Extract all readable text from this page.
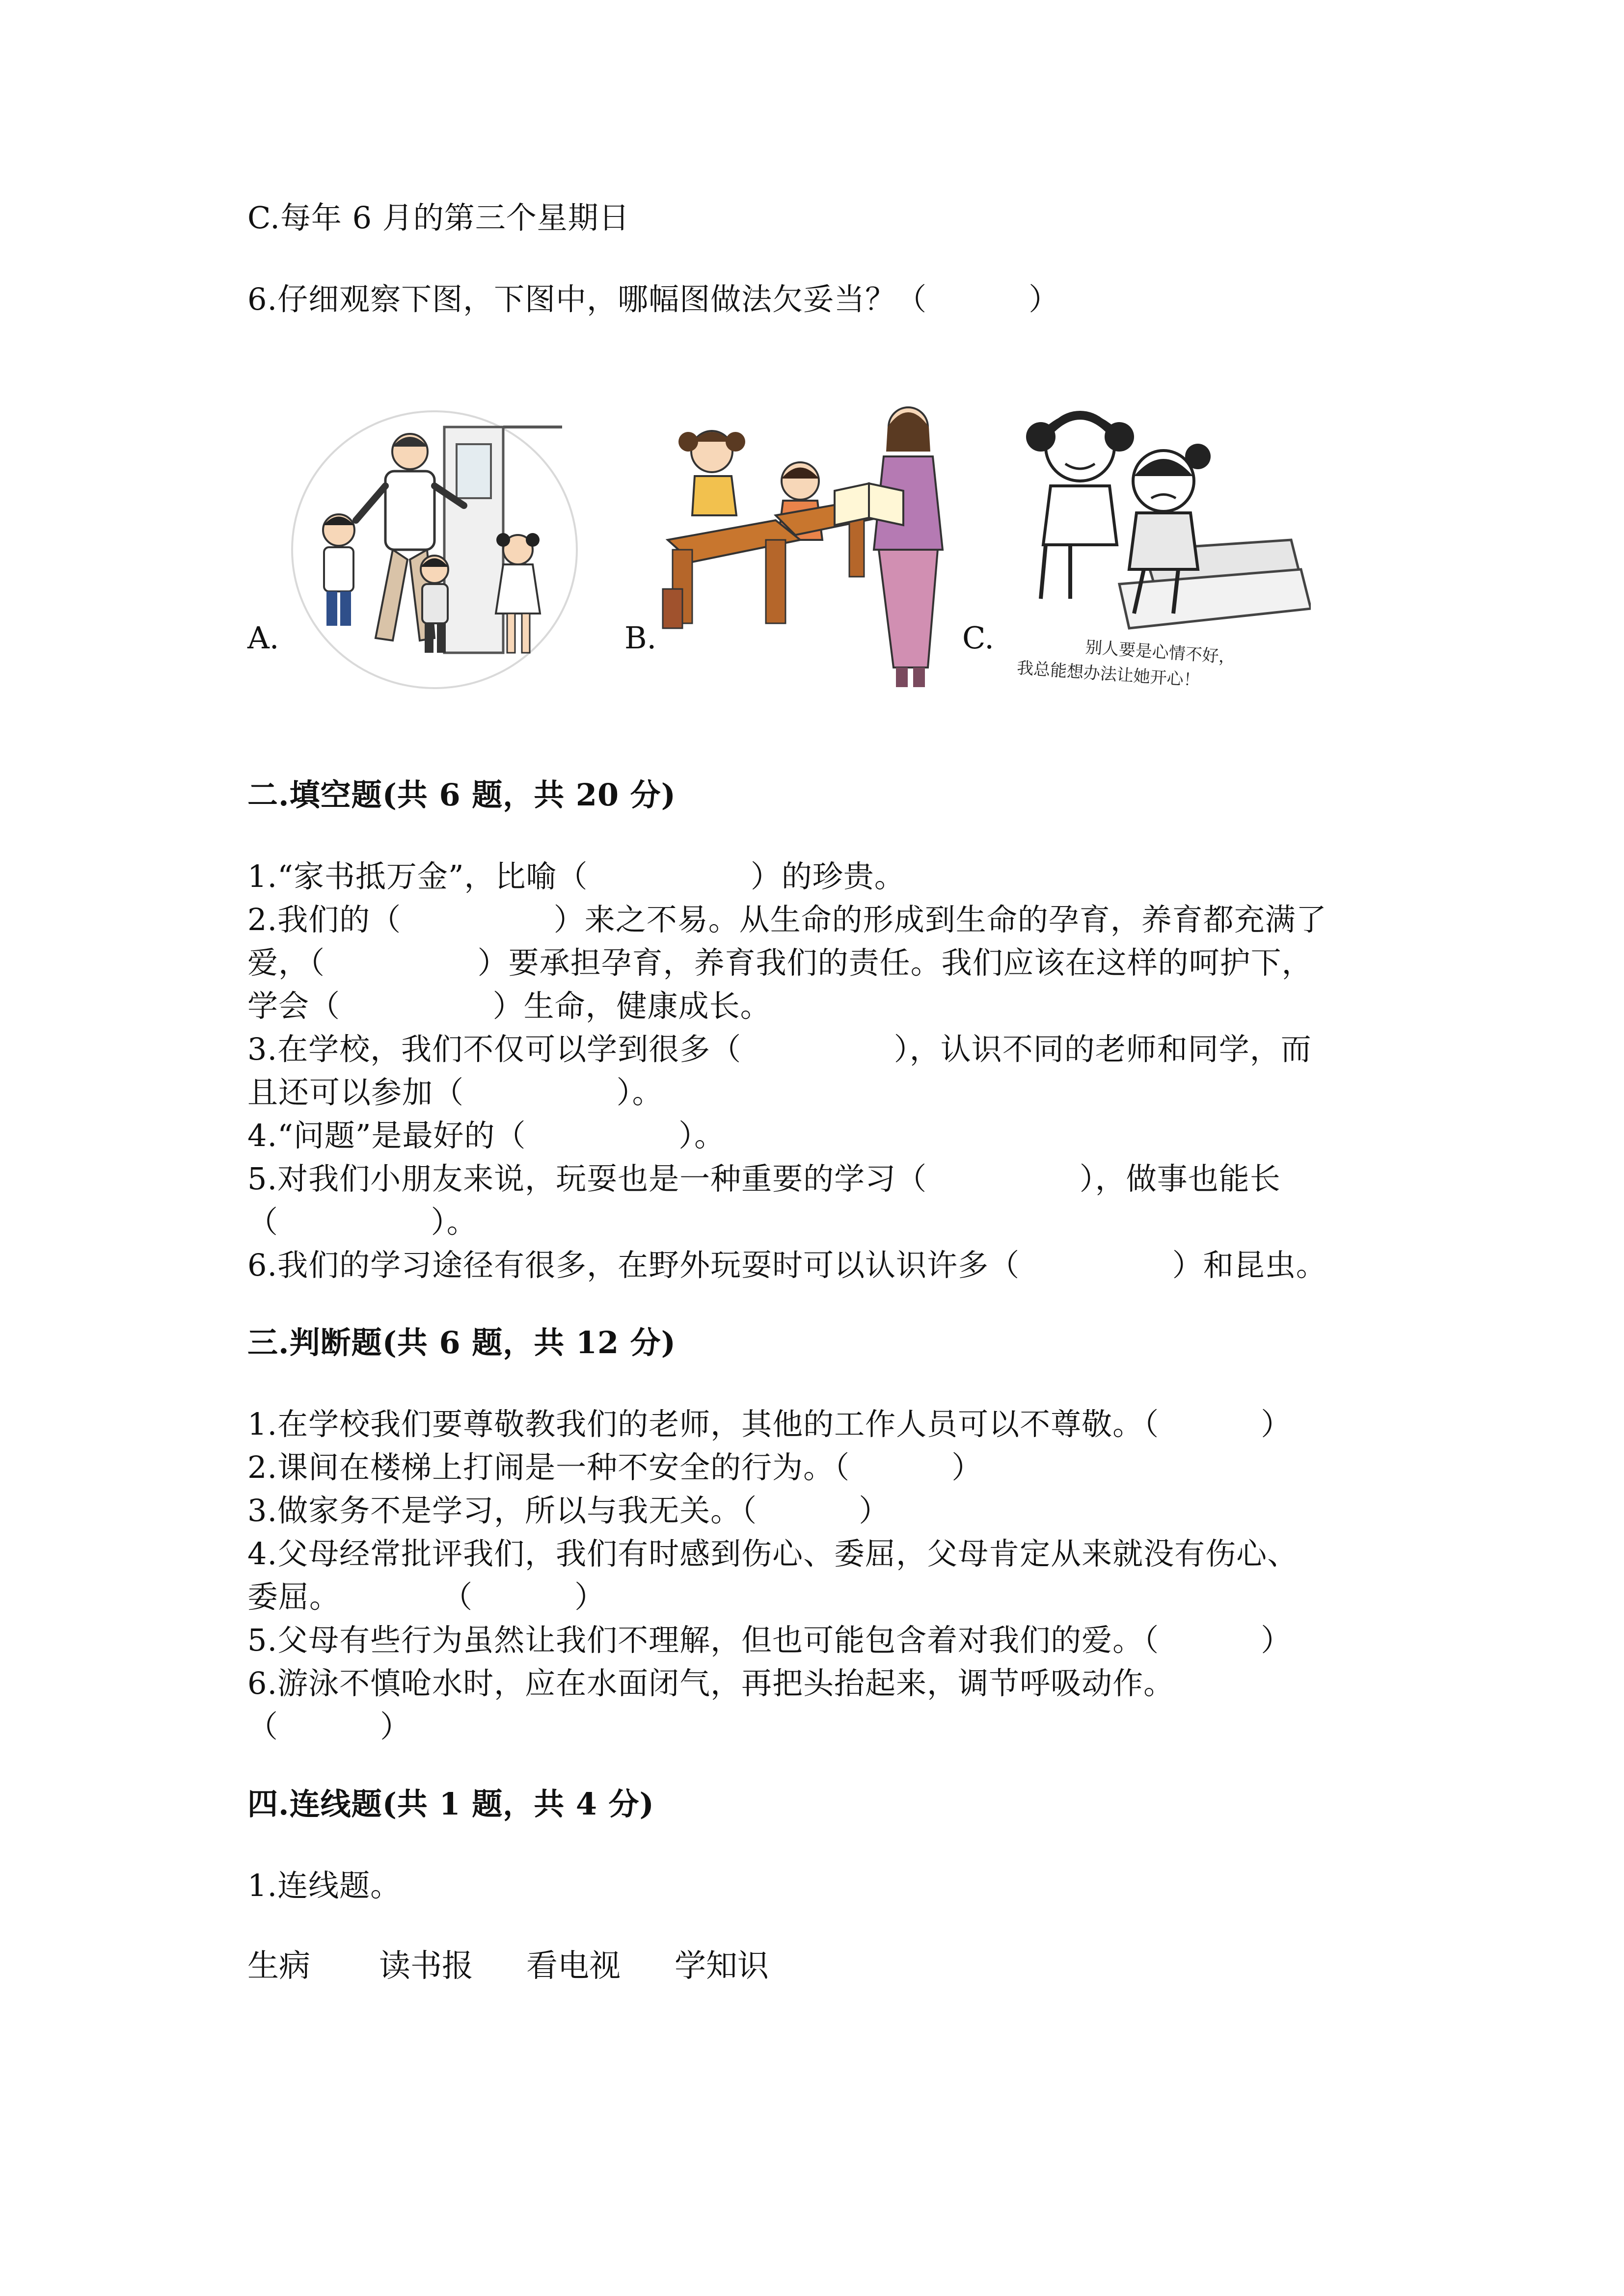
C.每年 6 月的第三个星期日
6.仔细观察下图，下图中，哪幅图做法欠妥当？（          ）
A.	B.	C.	别人要是心情不好，
我总能想办法让她开心！
二.填空题(共 6 题，共 20 分)
1.“家书抵万金”，比喻（                ）的珍贵。
2.我们的（               ）来之不易。从生命的形成到生命的孕育，养育都充满了
爱，（               ）要承担孕育，养育我们的责任。我们应该在这样的呵护下，
学会（               ）生命，健康成长。
3.在学校，我们不仅可以学到很多（               ），认识不同的老师和同学，而
且还可以参加（               ）。
4.“问题”是最好的（               ）。
5.对我们小朋友来说，玩耍也是一种重要的学习（               ），做事也能长
（               ）。
6.我们的学习途径有很多，在野外玩耍时可以认识许多（               ）和昆虫。
三.判断题(共 6 题，共 12 分)
1.在学校我们要尊敬教我们的老师，其他的工作人员可以不尊敬。（          ）
2.课间在楼梯上打闹是一种不安全的行为。（          ）
3.做家务不是学习，所以与我无关。（          ）
4.父母经常批评我们，我们有时感到伤心、委屈，父母肯定从来就没有伤心、
委屈。          （          ）
5.父母有些行为虽然让我们不理解，但也可能包含着对我们的爱。（          ）
6.游泳不慎呛水时，应在水面闭气，再把头抬起来，调节呼吸动作。
（          ）
四.连线题(共 1 题，共 4 分)
1.连线题。
生病 读书报 看电视 学知识
